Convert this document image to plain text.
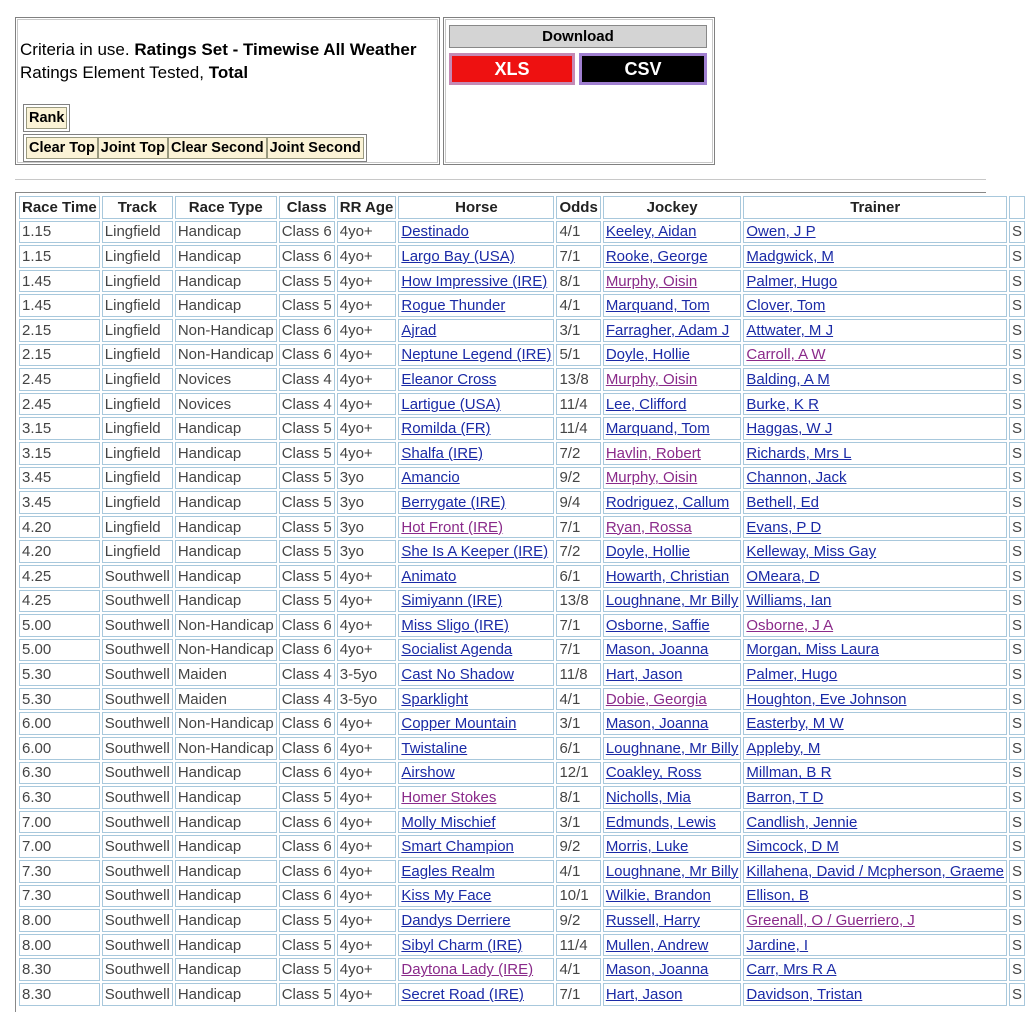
Criteria in use. Ratings Set - Timewise All Weather
Ratings Element Tested, Total
Rank
Clear Top Joint Top Clear Second Joint Second
Download
XLS	CSV
Race Time	Track	Race Type	Class	RR Age	Horse	Odds	Jockey	Trainer	
1.15	Lingfield	Handicap	Class 6	4yo+	Destinado	4/1	Keeley, Aidan	Owen, J P	S
1.15	Lingfield	Handicap	Class 6	4yo+	Largo Bay (USA)	7/1	Rooke, George	Madgwick, M	S
1.45	Lingfield	Handicap	Class 5	4yo+	How Impressive (IRE)	8/1	Murphy, Oisin	Palmer, Hugo	S
1.45	Lingfield	Handicap	Class 5	4yo+	Rogue Thunder	4/1	Marquand, Tom	Clover, Tom	S
2.15	Lingfield	Non-Handicap	Class 6	4yo+	Ajrad	3/1	Farragher, Adam J	Attwater, M J	S
2.15	Lingfield	Non-Handicap	Class 6	4yo+	Neptune Legend (IRE)	5/1	Doyle, Hollie	Carroll, A W	S
2.45	Lingfield	Novices	Class 4	4yo+	Eleanor Cross	13/8	Murphy, Oisin	Balding, A M	S
2.45	Lingfield	Novices	Class 4	4yo+	Lartigue (USA)	11/4	Lee, Clifford	Burke, K R	S
3.15	Lingfield	Handicap	Class 5	4yo+	Romilda (FR)	11/4	Marquand, Tom	Haggas, W J	S
3.15	Lingfield	Handicap	Class 5	4yo+	Shalfa (IRE)	7/2	Havlin, Robert	Richards, Mrs L	S
3.45	Lingfield	Handicap	Class 5	3yo	Amancio	9/2	Murphy, Oisin	Channon, Jack	S
3.45	Lingfield	Handicap	Class 5	3yo	Berrygate (IRE)	9/4	Rodriguez, Callum	Bethell, Ed	S
4.20	Lingfield	Handicap	Class 5	3yo	Hot Front (IRE)	7/1	Ryan, Rossa	Evans, P D	S
4.20	Lingfield	Handicap	Class 5	3yo	She Is A Keeper (IRE)	7/2	Doyle, Hollie	Kelleway, Miss Gay	S
4.25	Southwell	Handicap	Class 5	4yo+	Animato	6/1	Howarth, Christian	OMeara, D	S
4.25	Southwell	Handicap	Class 5	4yo+	Simiyann (IRE)	13/8	Loughnane, Mr Billy	Williams, Ian	S
5.00	Southwell	Non-Handicap	Class 6	4yo+	Miss Sligo (IRE)	7/1	Osborne, Saffie	Osborne, J A	S
5.00	Southwell	Non-Handicap	Class 6	4yo+	Socialist Agenda	7/1	Mason, Joanna	Morgan, Miss Laura	S
5.30	Southwell	Maiden	Class 4	3-5yo	Cast No Shadow	11/8	Hart, Jason	Palmer, Hugo	S
5.30	Southwell	Maiden	Class 4	3-5yo	Sparklight	4/1	Dobie, Georgia	Houghton, Eve Johnson	S
6.00	Southwell	Non-Handicap	Class 6	4yo+	Copper Mountain	3/1	Mason, Joanna	Easterby, M W	S
6.00	Southwell	Non-Handicap	Class 6	4yo+	Twistaline	6/1	Loughnane, Mr Billy	Appleby, M	S
6.30	Southwell	Handicap	Class 6	4yo+	Airshow	12/1	Coakley, Ross	Millman, B R	S
6.30	Southwell	Handicap	Class 5	4yo+	Homer Stokes	8/1	Nicholls, Mia	Barron, T D	S
7.00	Southwell	Handicap	Class 6	4yo+	Molly Mischief	3/1	Edmunds, Lewis	Candlish, Jennie	S
7.00	Southwell	Handicap	Class 6	4yo+	Smart Champion	9/2	Morris, Luke	Simcock, D M	S
7.30	Southwell	Handicap	Class 6	4yo+	Eagles Realm	4/1	Loughnane, Mr Billy	Killahena, David / Mcpherson, Graeme	S
7.30	Southwell	Handicap	Class 6	4yo+	Kiss My Face	10/1	Wilkie, Brandon	Ellison, B	S
8.00	Southwell	Handicap	Class 5	4yo+	Dandys Derriere	9/2	Russell, Harry	Greenall, O / Guerriero, J	S
8.00	Southwell	Handicap	Class 5	4yo+	Sibyl Charm (IRE)	11/4	Mullen, Andrew	Jardine, I	S
8.30	Southwell	Handicap	Class 5	4yo+	Daytona Lady (IRE)	4/1	Mason, Joanna	Carr, Mrs R A	S
8.30	Southwell	Handicap	Class 5	4yo+	Secret Road (IRE)	7/1	Hart, Jason	Davidson, Tristan	S
